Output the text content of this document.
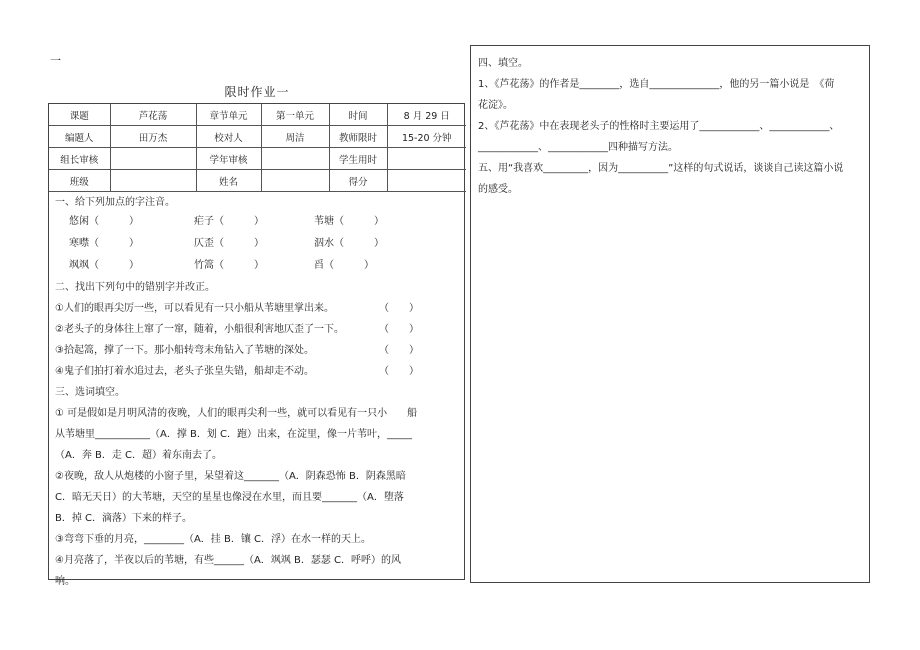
一
限时作业一
课题	芦花荡	章节单元	第一单元	时间	8 月 29 日
编题人	田万杰	校对人	周洁	教师限时	15-20 分钟
组长审核		学年审核		学生用时	
班级		姓名		得分	
一、给下列加点的字注音。
悠闲（　　　	）	疟子（　　　	）	苇塘（　　　	）
寒噤（　　　	）	仄歪（　　　	）	泅水（　　　	）
飒飒（　　　	）	竹篙（　　　	）	舀（　　　	）
二、找出下列句中的错别字并改正。
①人们的眼再尖厉一些，可以看见有一只小船从苇塘里掌出来。	（　　）
②老头子的身体往上窜了一窜，随着，小船很利害地仄歪了一下。	（　　）
③拾起篙，撑了一下。那小船转弯末角钻入了苇塘的深处。	（　　）
④鬼子们拍打着水追过去，老头子张皇失错，船却走不动。	（　　）
三、选词填空。
① 可是假如是月明风清的夜晚，人们的眼再尖利一些，就可以看见有一只小　　船
从苇塘里___________（A．撑 B．划 C．跑）出来，在淀里，像一片苇叶，_____
（A．奔 B．走 C．超）着东南去了。
②夜晚，敌人从炮楼的小窗子里，呆望着这_______（A．阴森恐怖 B．阴森黑暗
C．暗无天日）的大苇塘，天空的星星也像浸在水里，而且要_______（A．堕落
B．掉 C．滴落）下来的样子。
③弯弯下垂的月亮，________（A．挂 B．镶 C．浮）在水一样的天上。
④月亮落了，半夜以后的苇塘，有些______（A．飒飒 B．瑟瑟 C．呼呼）的风
响。
四、填空。
1、《芦花荡》的作者是________，选自______________，他的另一篇小说是　《荷
花淀》。
2、《芦花荡》中在表现老头子的性格时主要运用了____________、____________、
____________、____________四种描写方法。
五、用“我喜欢_________，因为__________”这样的句式说话，谈谈自己读这篇小说
的感受。
